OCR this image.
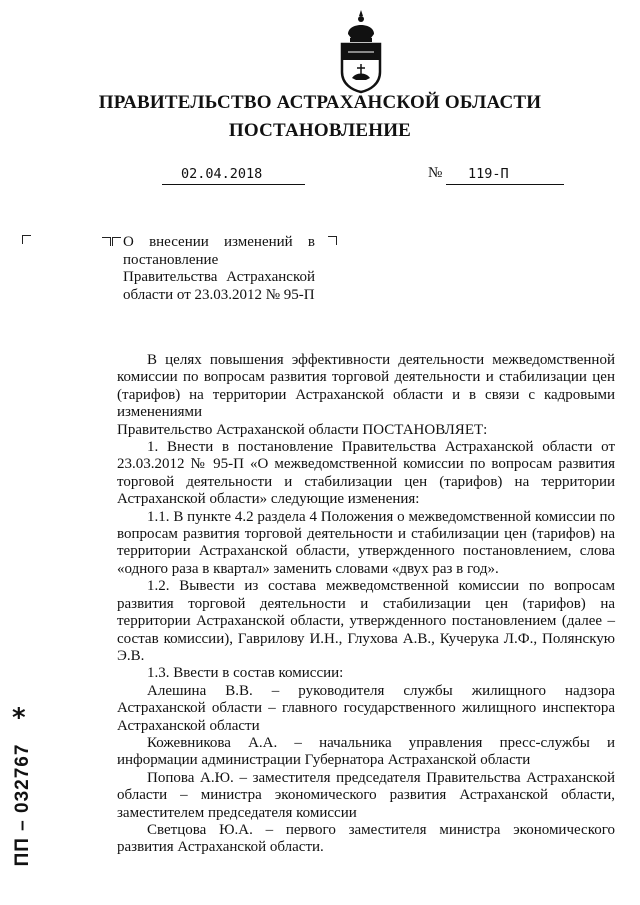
ПРАВИТЕЛЬСТВО АСТРАХАНСКОЙ ОБЛАСТИ
ПОСТАНОВЛЕНИЕ
02.04.2018	№ 119-П
О внесении изменений в постановление Правительства Астраханской области от 23.03.2012 № 95-П

В целях повышения эффективности деятельности межведомственной комиссии по вопросам развития торговой деятельности и стабилизации цен (тарифов) на территории Астраханской области и в связи с кадровыми изменениями

Правительство Астраханской области ПОСТАНОВЛЯЕТ:

1. Внести в постановление Правительства Астраханской области от 23.03.2012 № 95-П «О межведомственной комиссии по вопросам развития торговой деятельности и стабилизации цен (тарифов) на территории Астраханской области» следующие изменения:

1.1. В пункте 4.2 раздела 4 Положения о межведомственной комиссии по вопросам развития торговой деятельности и стабилизации цен (тарифов) на территории Астраханской области, утвержденного постановлением, слова «одного раза в квартал» заменить словами «двух раз в год».

1.2. Вывести из состава межведомственной комиссии по вопросам развития торговой деятельности и стабилизации цен (тарифов) на территории Астраханской области, утвержденного постановлением (далее – состав комиссии), Гаврилову И.Н., Глухова А.В., Кучерука Л.Ф., Полянскую Э.В.

1.3. Ввести в состав комиссии:

Алешина В.В. – руководителя службы жилищного надзора Астраханской области – главного государственного жилищного инспектора Астраханской области

Кожевникова А.А. – начальника управления пресс-службы и информации администрации Губернатора Астраханской области

Попова А.Ю. – заместителя председателя Правительства Астраханской области – министра экономического развития Астраханской области, заместителем председателя комиссии

Светцова Ю.А. – первого заместителя министра экономического развития Астраханской области.

*
ПП – 032767
